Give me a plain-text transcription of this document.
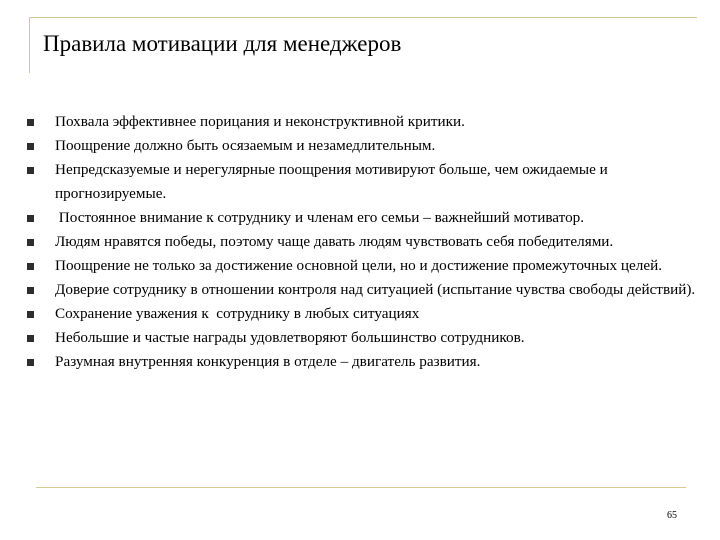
Правила мотивации для менеджеров
Похвала эффективнее порицания и неконструктивной критики.
Поощрение должно быть осязаемым и незамедлительным.
Непредсказуемые и нерегулярные поощрения мотивируют больше, чем ожидаемые и прогнозируемые.
Постоянное внимание к сотруднику и членам его семьи – важнейший мотиватор.
Людям нравятся победы, поэтому чаще давать людям чувствовать себя победителями.
Поощрение не только за достижение основной цели, но и достижение промежуточных целей.
Доверие сотруднику в отношении контроля над ситуацией (испытание чувства свободы действий).
Сохранение уважения к  сотруднику в любых ситуациях
Небольшие и частые награды удовлетворяют большинство сотрудников.
Разумная внутренняя конкуренция в отделе – двигатель развития.
65
